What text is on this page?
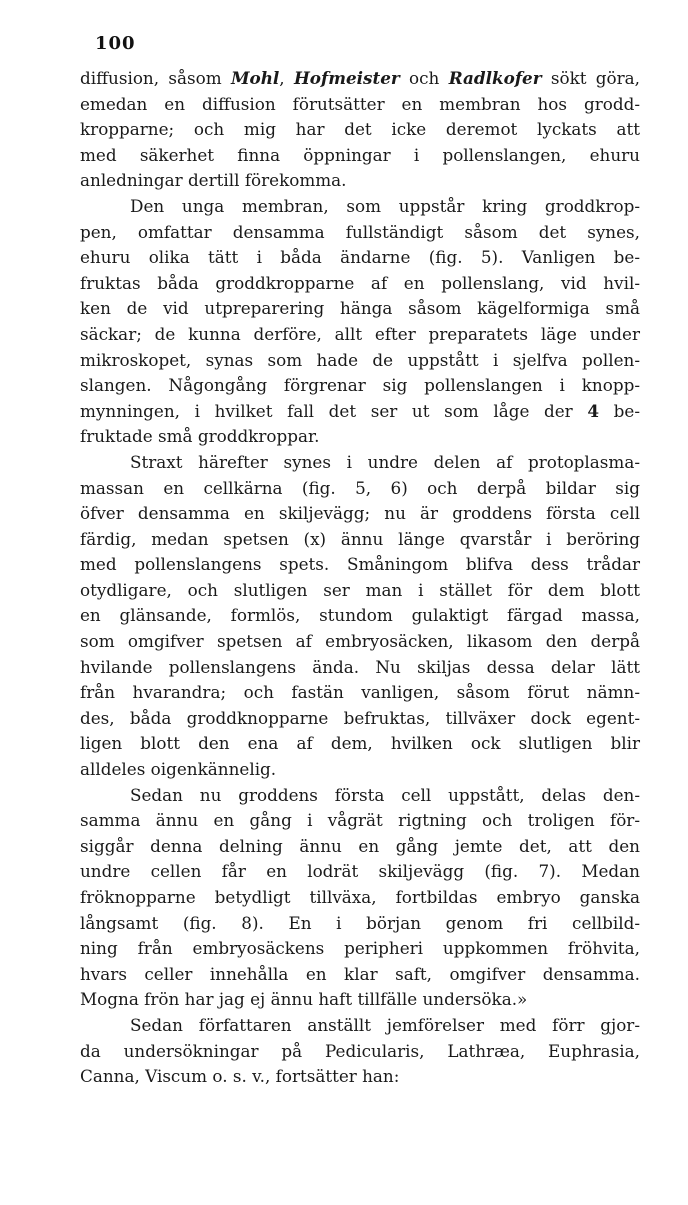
100
diffusion, såsom Mohl, Hofmeister och Radlkofer sökt göra,
emedan en diffusion förutsätter en membran hos grodd-
kropparne; och mig har det icke deremot lyckats att
med säkerhet finna öppningar i pollenslangen, ehuru
anledningar dertill förekomma.
Den unga membran, som uppstår kring groddkrop-
pen, omfattar densamma fullständigt såsom det synes,
ehuru olika tätt i båda ändarne (fig. 5). Vanligen be-
fruktas båda groddkropparne af en pollenslang, vid hvil-
ken de vid utpreparering hänga såsom kägelformiga små
säckar; de kunna derföre, allt efter preparatets läge under
mikroskopet, synas som hade de uppstått i sjelfva pollen-
slangen. Någongång förgrenar sig pollenslangen i knopp-
mynningen, i hvilket fall det ser ut som låge der 4 be-
fruktade små groddkroppar.
Straxt härefter synes i undre delen af protoplasma-
massan en cellkärna (fig. 5, 6) och derpå bildar sig
öfver densamma en skiljevägg; nu är groddens första cell
färdig, medan spetsen (x) ännu länge qvarstår i beröring
med pollenslangens spets. Småningom blifva dess trådar
otydligare, och slutligen ser man i stället för dem blott
en glänsande, formlös, stundom gulaktigt färgad massa,
som omgifver spetsen af embryosäcken, likasom den derpå
hvilande pollenslangens ända. Nu skiljas dessa delar lätt
från hvarandra; och fastän vanligen, såsom förut nämn-
des, båda groddknopparne befruktas, tillväxer dock egent-
ligen blott den ena af dem, hvilken ock slutligen blir
alldeles oigenkännelig.
Sedan nu groddens första cell uppstått, delas den-
samma ännu en gång i vågrät rigtning och troligen för-
siggår denna delning ännu en gång jemte det, att den
undre cellen får en lodrät skiljevägg (fig. 7). Medan
fröknopparne betydligt tillväxa, fortbildas embryo ganska
långsamt (fig. 8). En i början genom fri cellbild-
ning från embryosäckens peripheri uppkommen fröhvita,
hvars celler innehålla en klar saft, omgifver densamma.
Mogna frön har jag ej ännu haft tillfälle undersöka.»
Sedan författaren anställt jemförelser med förr gjor-
da undersökningar på Pedicularis, Lathræa, Euphrasia,
Canna, Viscum o. s. v., fortsätter han:
